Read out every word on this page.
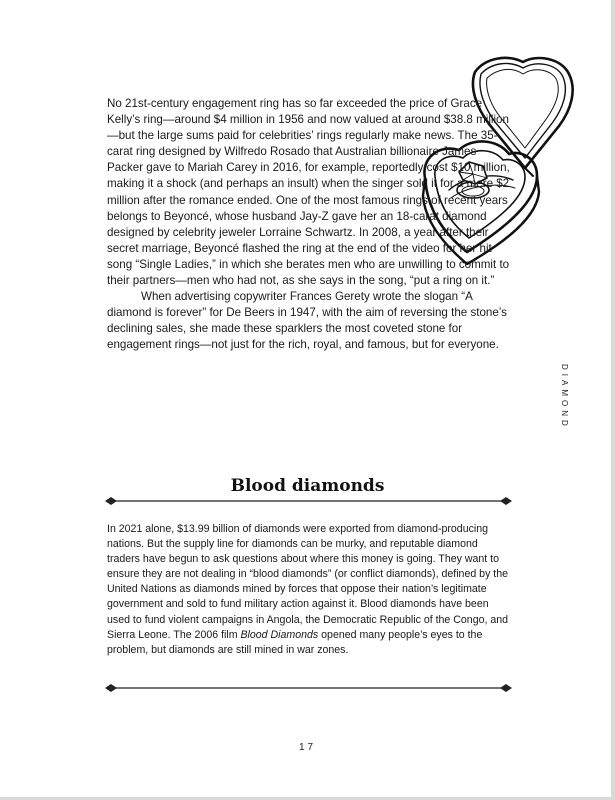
No 21st-century engagement ring has so far exceeded the price of Grace Kelly’s ring—around $4 million in 1956 and now valued at around $38.8 million—but the large sums paid for celebrities’ rings regularly make news. The 35-carat ring designed by Wilfredo Rosado that Australian billionaire James Packer gave to Mariah Carey in 2016, for example, reportedly cost $10 million, making it a shock (and perhaps an insult) when the singer sold it for a mere $2 million after the romance ended. One of the most famous rings of recent years belongs to Beyoncé, whose husband Jay-Z gave her an 18-carat diamond designed by celebrity jeweler Lorraine Schwartz. In 2008, a year after their secret marriage, Beyoncé flashed the ring at the end of the video for her hit song “Single Ladies,” in which she berates men who are unwilling to commit to their partners—men who had not, as she says in the song, “put a ring on it.”

When advertising copywriter Frances Gerety wrote the slogan “A diamond is forever” for De Beers in 1947, with the aim of reversing the stone’s declining sales, she made these sparklers the most coveted stone for engagement rings—not just for the rich, royal, and famous, but for everyone.

DIAMOND
Blood diamonds

In 2021 alone, $13.99 billion of diamonds were exported from diamond-producing nations. But the supply line for diamonds can be murky, and reputable diamond traders have begun to ask questions about where this money is going. They want to ensure they are not dealing in “blood diamonds” (or conflict diamonds), defined by the United Nations as diamonds mined by forces that oppose their nation’s legitimate government and sold to fund military action against it. Blood diamonds have been used to fund violent campaigns in Angola, the Democratic Republic of the Congo, and Sierra Leone. The 2006 film Blood Diamonds opened many people’s eyes to the problem, but diamonds are still mined in war zones.

17
